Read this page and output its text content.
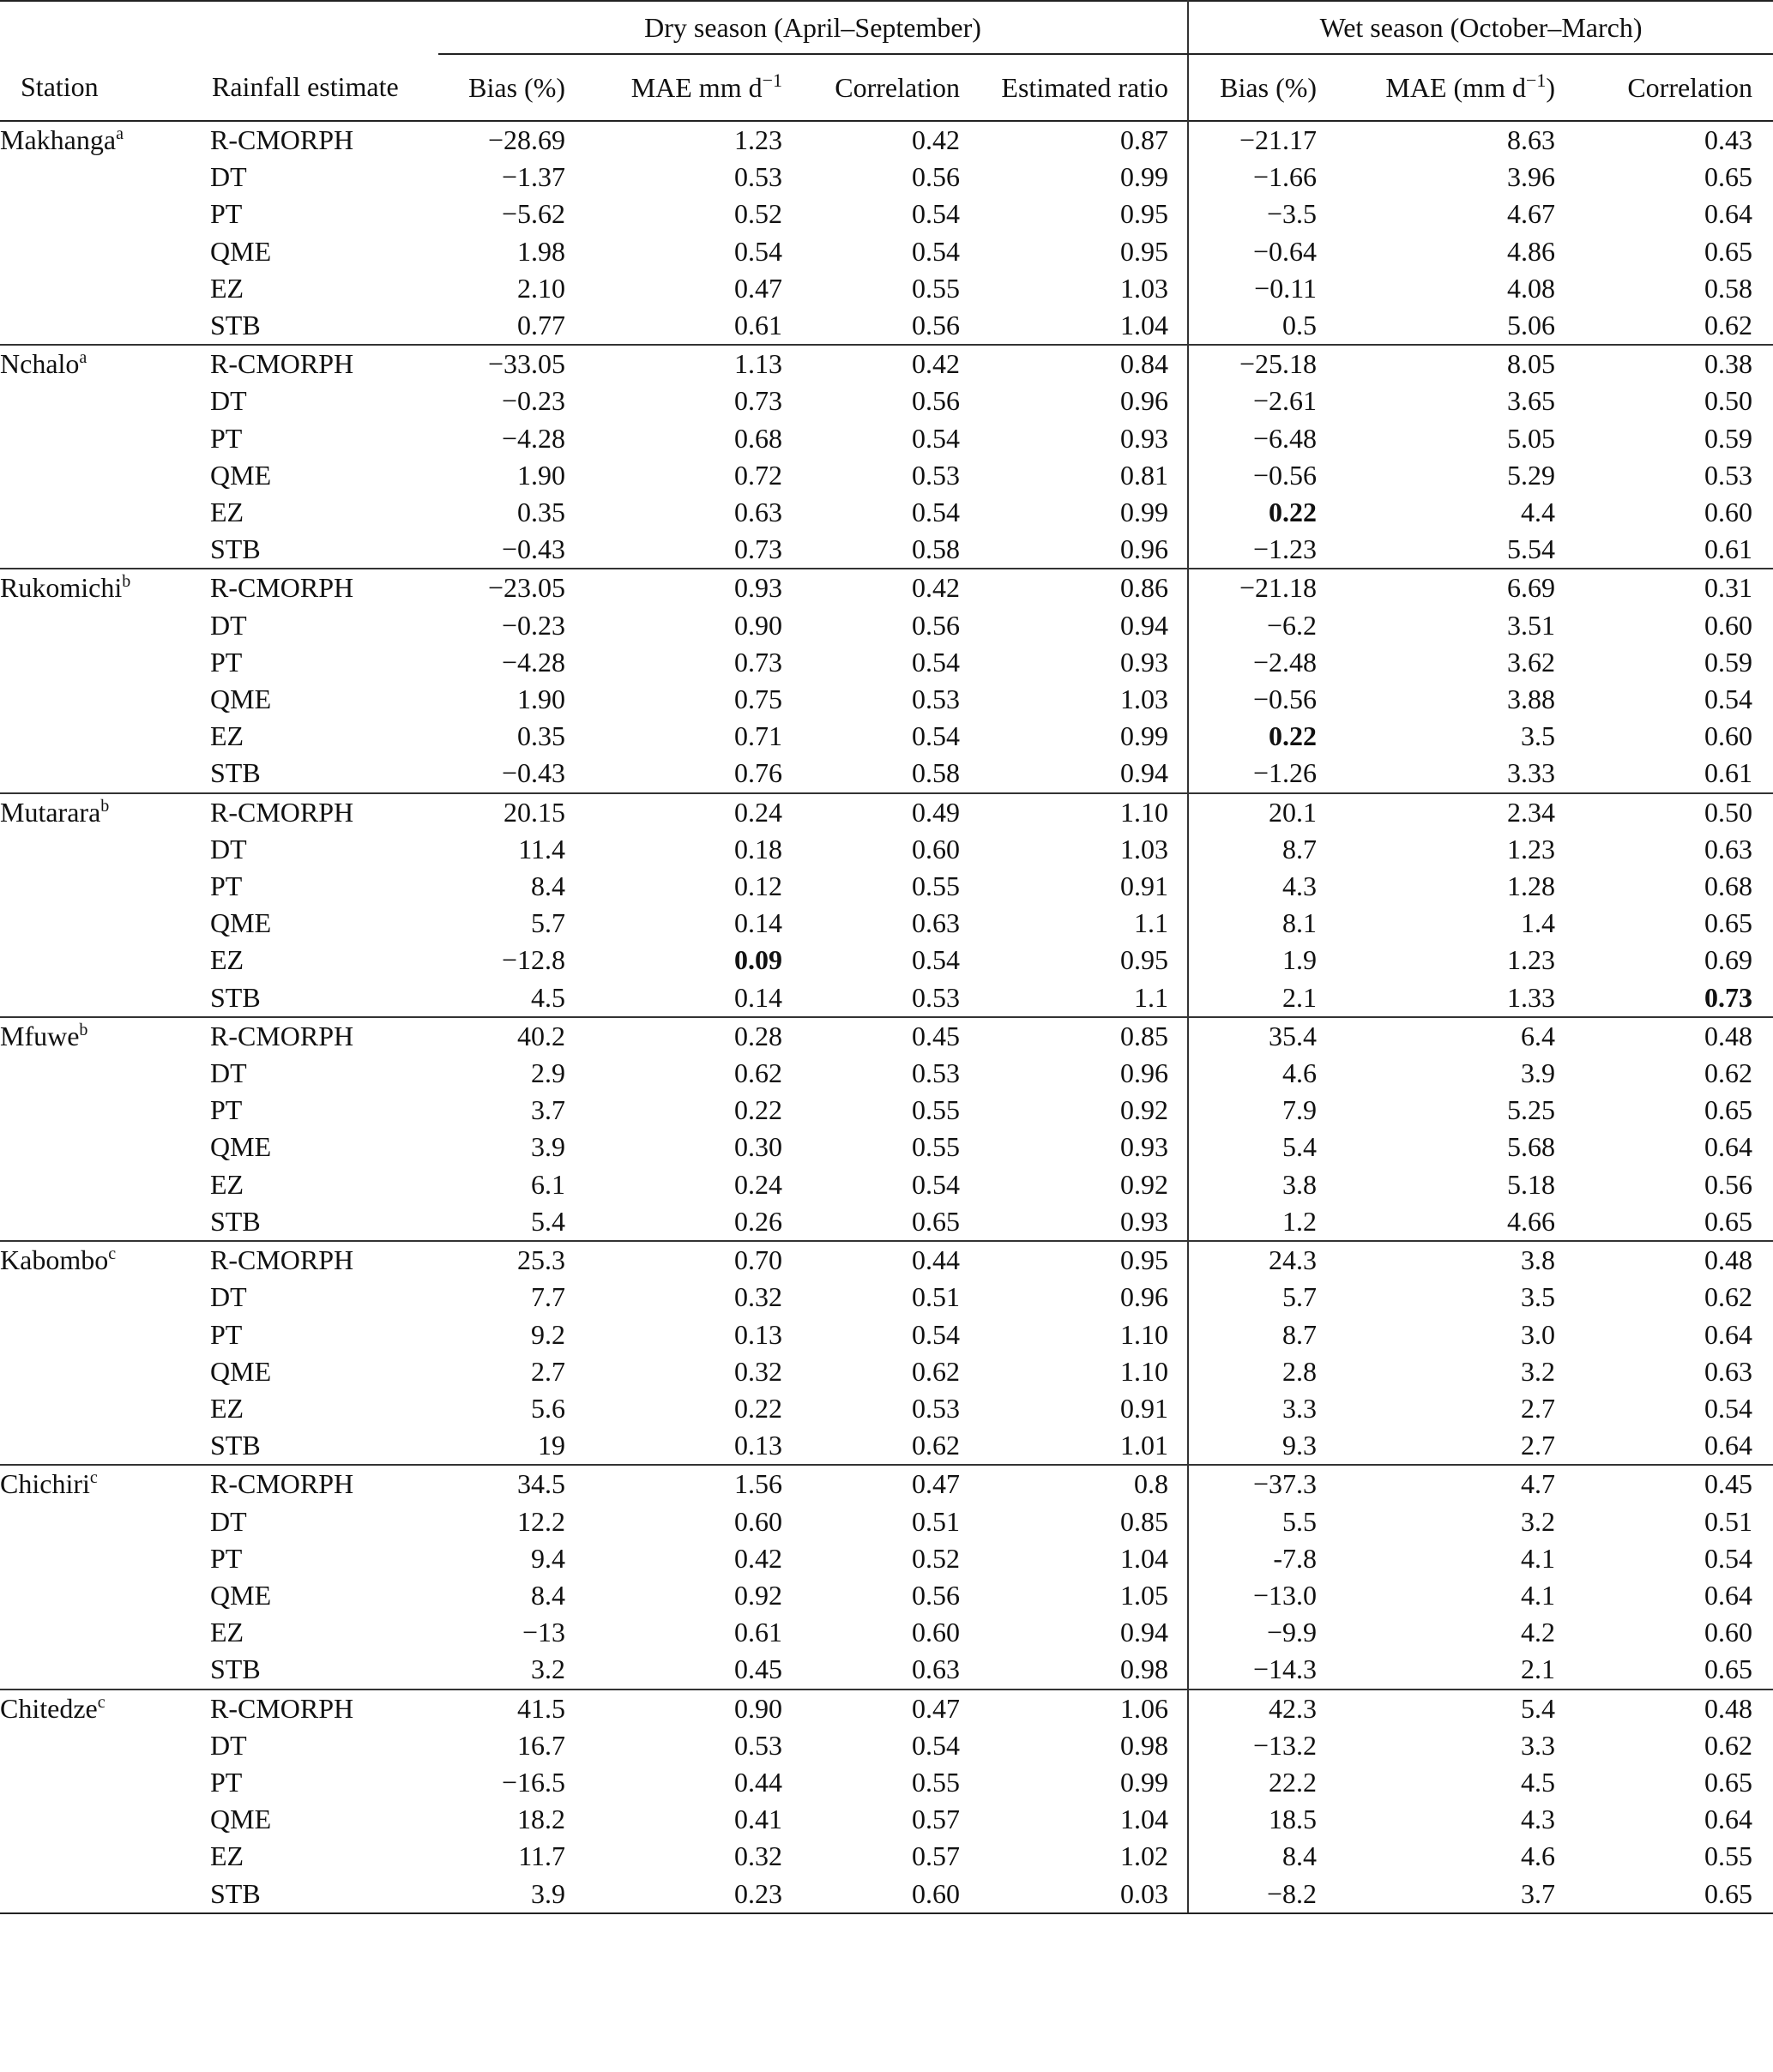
		Dry season (April–September)				Wet season (October–March)		
Station	Rainfall estimate	Bias (%)	MAE mm $d^{-1}$	Correlation	Estimated ratio	Bias (%)	MAE (mm $d^{-1}$)	Correlation
Makhanga$^a$	R-CMORPH	−28.69	1.23	0.42	0.87	−21.17	8.63	0.43
	DT	−1.37	0.53	0.56	0.99	−1.66	3.96	0.65
	PT	−5.62	0.52	0.54	0.95	−3.5	4.67	0.64
	QME	1.98	0.54	0.54	0.95	−0.64	4.86	0.65
	EZ	2.10	0.47	0.55	1.03	−0.11	4.08	0.58
	STB	0.77	0.61	0.56	1.04	0.5	5.06	0.62
Nchalo$^a$	R-CMORPH	−33.05	1.13	0.42	0.84	−25.18	8.05	0.38
	DT	−0.23	0.73	0.56	0.96	−2.61	3.65	0.50
	PT	−4.28	0.68	0.54	0.93	−6.48	5.05	0.59
	QME	1.90	0.72	0.53	0.81	−0.56	5.29	0.53
	EZ	0.35	0.63	0.54	0.99	0.22	4.4	0.60
	STB	−0.43	0.73	0.58	0.96	−1.23	5.54	0.61
Rukomichi$^b$	R-CMORPH	−23.05	0.93	0.42	0.86	−21.18	6.69	0.31
	DT	−0.23	0.90	0.56	0.94	−6.2	3.51	0.60
	PT	−4.28	0.73	0.54	0.93	−2.48	3.62	0.59
	QME	1.90	0.75	0.53	1.03	−0.56	3.88	0.54
	EZ	0.35	0.71	0.54	0.99	0.22	3.5	0.60
	STB	−0.43	0.76	0.58	0.94	−1.26	3.33	0.61
Mutarara$^b$	R-CMORPH	20.15	0.24	0.49	1.10	20.1	2.34	0.50
	DT	11.4	0.18	0.60	1.03	8.7	1.23	0.63
	PT	8.4	0.12	0.55	0.91	4.3	1.28	0.68
	QME	5.7	0.14	0.63	1.1	8.1	1.4	0.65
	EZ	−12.8	0.09	0.54	0.95	1.9	1.23	0.69
	STB	4.5	0.14	0.53	1.1	2.1	1.33	0.73
Mfuwe$^b$	R-CMORPH	40.2	0.28	0.45	0.85	35.4	6.4	0.48
	DT	2.9	0.62	0.53	0.96	4.6	3.9	0.62
	PT	3.7	0.22	0.55	0.92	7.9	5.25	0.65
	QME	3.9	0.30	0.55	0.93	5.4	5.68	0.64
	EZ	6.1	0.24	0.54	0.92	3.8	5.18	0.56
	STB	5.4	0.26	0.65	0.93	1.2	4.66	0.65
Kabombo$^c$	R-CMORPH	25.3	0.70	0.44	0.95	24.3	3.8	0.48
	DT	7.7	0.32	0.51	0.96	5.7	3.5	0.62
	PT	9.2	0.13	0.54	1.10	8.7	3.0	0.64
	QME	2.7	0.32	0.62	1.10	2.8	3.2	0.63
	EZ	5.6	0.22	0.53	0.91	3.3	2.7	0.54
	STB	19	0.13	0.62	1.01	9.3	2.7	0.64
Chichiri$^c$	R-CMORPH	34.5	1.56	0.47	0.8	−37.3	4.7	0.45
	DT	12.2	0.60	0.51	0.85	5.5	3.2	0.51
	PT	9.4	0.42	0.52	1.04	-7.8	4.1	0.54
	QME	8.4	0.92	0.56	1.05	−13.0	4.1	0.64
	EZ	−13	0.61	0.60	0.94	−9.9	4.2	0.60
	STB	3.2	0.45	0.63	0.98	−14.3	2.1	0.65
Chitedze$^c$	R-CMORPH	41.5	0.90	0.47	1.06	42.3	5.4	0.48
	DT	16.7	0.53	0.54	0.98	−13.2	3.3	0.62
	PT	−16.5	0.44	0.55	0.99	22.2	4.5	0.65
	QME	18.2	0.41	0.57	1.04	18.5	4.3	0.64
	EZ	11.7	0.32	0.57	1.02	8.4	4.6	0.55
	STB	3.9	0.23	0.60	0.03	−8.2	3.7	0.65
